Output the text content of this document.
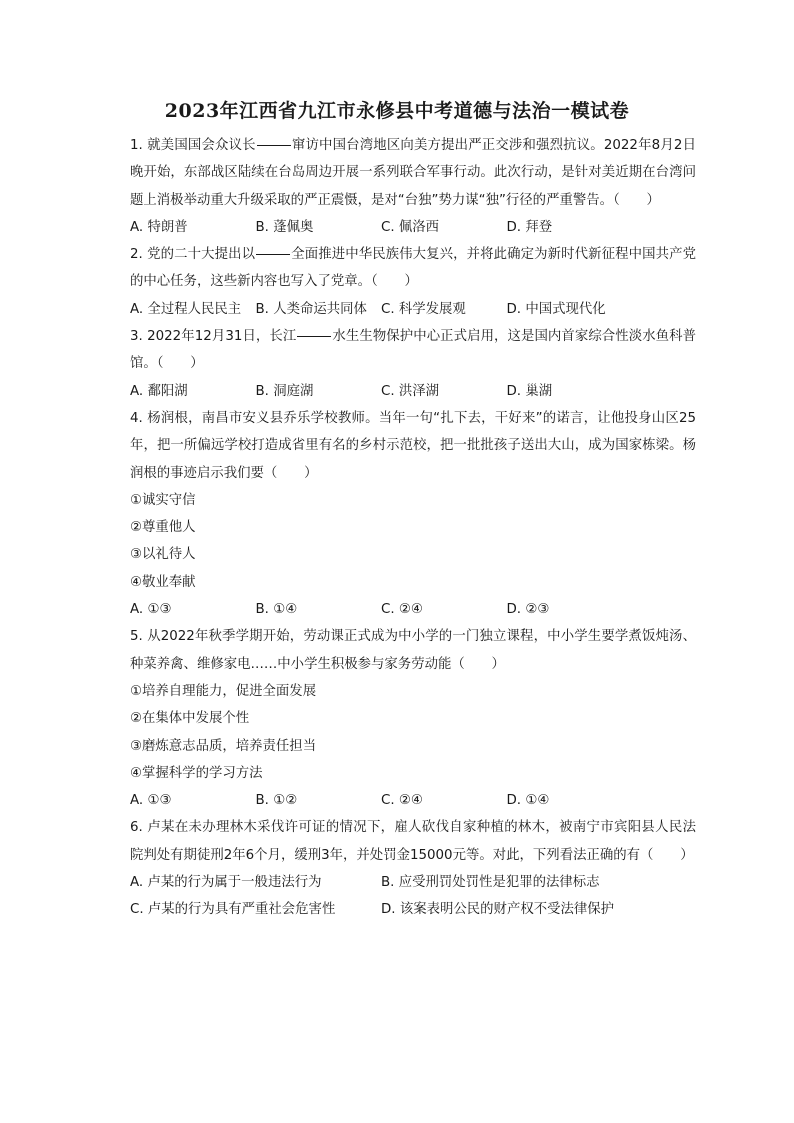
2023年江西省九江市永修县中考道德与法治一模试卷
1. 就美国国会众议长	窜访中国台湾地区向美方提出严正交涉和强烈抗议。2022年8月2日晚开始，东部战区陆续在台岛周边开展一系列联合军事行动。此次行动，是针对美近期在台湾问题上消极举动重大升级采取的严正震慑，是对“台独”势力谋“独”行径的严重警告。（　　）
A. 特朗普	B. 蓬佩奥	C. 佩洛西	D. 拜登
2. 党的二十大提出以	全面推进中华民族伟大复兴，并将此确定为新时代新征程中国共产党的中心任务，这些新内容也写入了党章。（　　）
A. 全过程人民民主	B. 人类命运共同体	C. 科学发展观	D. 中国式现代化
3. 2022年12月31日，长江	水生生物保护中心正式启用，这是国内首家综合性淡水鱼科普馆。（　　）
A. 鄱阳湖	B. 洞庭湖	C. 洪泽湖	D. 巢湖
4. 杨润根，南昌市安义县乔乐学校教师。当年一句“扎下去，干好来”的诺言，让他投身山区25年，把一所偏远学校打造成省里有名的乡村示范校，把一批批孩子送出大山，成为国家栋梁。杨润根的事迹启示我们要（　　）
①诚实守信
②尊重他人
③以礼待人
④敬业奉献
A. ①③	B. ①④	C. ②④	D. ②③
5. 从2022年秋季学期开始，劳动课正式成为中小学的一门独立课程，中小学生要学煮饭炖汤、种菜养禽、维修家电……中小学生积极参与家务劳动能（　　）
①培养自理能力，促进全面发展
②在集体中发展个性
③磨炼意志品质，培养责任担当
④掌握科学的学习方法
A. ①③	B. ①②	C. ②④	D. ①④
6. 卢某在未办理林木采伐许可证的情况下，雇人砍伐自家种植的林木，被南宁市宾阳县人民法院判处有期徒刑2年6个月，缓刑3年，并处罚金15000元等。对此，下列看法正确的有（　　）
A. 卢某的行为属于一般违法行为	B. 应受刑罚处罚性是犯罪的法律标志
C. 卢某的行为具有严重社会危害性	D. 该案表明公民的财产权不受法律保护
